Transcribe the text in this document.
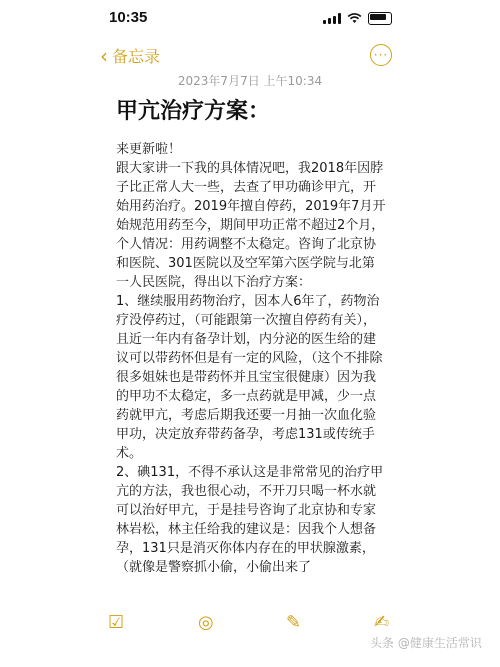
10:35
‹ 备忘录	···
2023年7月7日 上午10:34
甲亢治疗方案：

来更新啦！

跟大家讲一下我的具体情况吧，我2018年因脖子比正常人大一些，去查了甲功确诊甲亢，开始用药治疗。2019年擅自停药，2019年7月开始规范用药至今，期间甲功正常不超过2个月，个人情况：用药调整不太稳定。咨询了北京协和医院、301医院以及空军第六医学院与北第一人民医院，得出以下治疗方案：

1、继续服用药物治疗，因本人6年了，药物治疗没停药过，（可能跟第一次擅自停药有关），且近一年内有备孕计划，内分泌的医生给的建议可以带药怀但是有一定的风险，（这个不排除很多姐妹也是带药怀并且宝宝很健康）因为我的甲功不太稳定，多一点药就是甲减，少一点药就甲亢，考虑后期我还要一月抽一次血化验甲功，决定放弃带药备孕，考虑131或传统手术。

2、碘131，不得不承认这是非常常见的治疗甲亢的方法，我也很心动，不开刀只喝一杯水就可以治好甲亢，于是挂号咨询了北京协和专家林岩松，林主任给我的建议是：因我个人想备孕，131只是消灭你体内存在的甲状腺激素，（就像是警察抓小偷，小偷出来了

☑	◎	✎	✍
头条 @健康生活常识
